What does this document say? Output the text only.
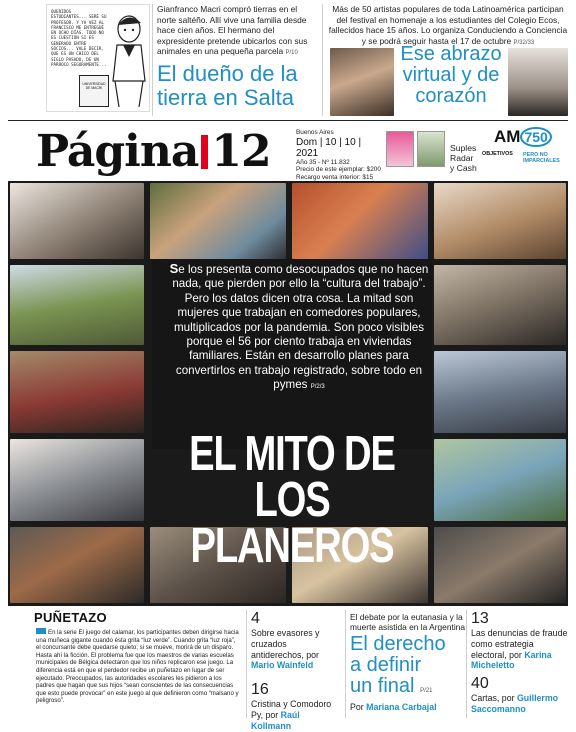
QUERIDOS ESTUDIANTES... SERÉ SU PROFESOR. Y YA VEZ AL FRANCISCO ME ENTREGUÉ EN OCHO DÍAS. TODO NO ES CUESTIÓN SI ES GENERADO ENTRE SOCIOS... VALE DECIR, QUE ES UN CHICO DEL SIGLO PASADO, DE UN PÁRROCO SEGURAMENTE...
UNIVERSIDAD DE MACRI
Gianfranco Macri compró tierras en el norte saltéño. Allí vive una familia desde hace cien años. El hermano del expresidente pretende ubicarlos con sus animales en una pequeña parcela P/10
El dueño de la
tierra en Salta
Más de 50 artistas populares de toda Latinoamérica participan del festival en homenaje a los estudiantes del Colegio Ecos, fallecidos hace 15 años. Lo organiza Conduciendo a Conciencia y se podrá seguir hasta el 17 de octubre P/32/33
Ese abrazo
virtual y de
corazón
Página 12	Buenos Aires
Dom | 10 | 10 | 2021
Año 35 - Nº 11.832
Precio de este ejemplar: $200
Recargo venta interior: $15
Suples
Radar
y Cash
AM 750
OBJETIVOS PERO NO IMPARCIALES
Se los presenta como desocupados que no hacen nada, que pierden por ello la “cultura del trabajo”. Pero los datos dicen otra cosa. La mitad son mujeres que trabajan en comedores populares, multiplicados por la pandemia. Son poco visibles porque el 56 por ciento trabaja en viviendas familiares. Están en desarrollo planes para convertirlos en trabajo registrado, sobre todo en pymes P/2/3
EL MITO DE
LOS PLANEROS
PUÑETAZO
En la serie El juego del calamar, los participantes deben dirigirse hacia una muñeca gigante cuando ésta grita “luz verde”. Cuando grita “luz roja”, el concursante debe quedarse quieto; si se mueve, morirá de un disparo. Hasta ahí la ficción. El problema fue que los maestros de varias escuelas municipales de Bélgica detectaron que los niños replicaron ese juego. La diferencia está en que el perdedor recibe un puñetazo en lugar de ser ejecutado. Preocupados, las autoridades escolares les pidieron a los padres que hagan que sus hijos “sean conscientes de las consecuencias que esto puede provocar” en este juego al que definieron como “malsano y peligroso”.
4
Sobre evasores y cruzados antiderechos, por Mario Wainfeld
16
Cristina y Comodoro Py, por Raúl Kollmann
El debate por la eutanasia y la muerte asistida en la Argentina
El derecho
a definir
un final P/21
Por Mariana Carbajal
13
Las denuncias de fraude como estrategia electoral, por Karina Micheletto
40
Cartas, por Guillermo Saccomanno
